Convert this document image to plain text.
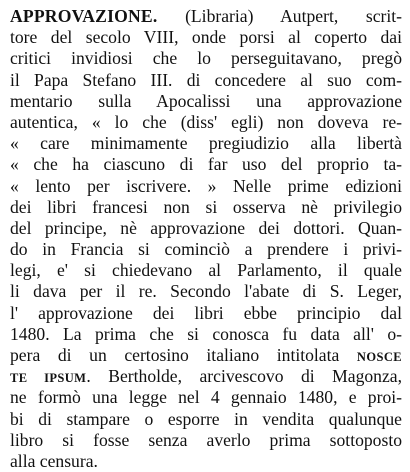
APPROVAZIONE. (Libraria) Autpert, scrit-
tore del secolo VIII, onde porsi al coperto dai
critici invidiosi che lo perseguitavano, pregò
il Papa Stefano III. di concedere al suo com-
mentario sulla Apocalissi una approvazione
autentica, « lo che (diss' egli) non doveva re-
« care minimamente pregiudizio alla libertà
« che ha ciascuno di far uso del proprio ta-
« lento per iscrivere. » Nelle prime edizioni
dei libri francesi non si osserva nè privilegio
del principe, nè approvazione dei dottori. Quan-
do in Francia si cominciò a prendere i privi-
legi, e' si chiedevano al Parlamento, il quale
li dava per il re. Secondo l'abate di S. Leger,
l' approvazione dei libri ebbe principio dal
1480. La prima che si conosca fu data all' o-
pera di un certosino italiano intitolata NOSCE
TE IPSUM. Bertholde, arcivescovo di Magonza,
ne formò una legge nel 4 gennaio 1480, e proi-
bi di stampare o esporre in vendita qualunque
libro si fosse senza averlo prima sottoposto
alla censura.
